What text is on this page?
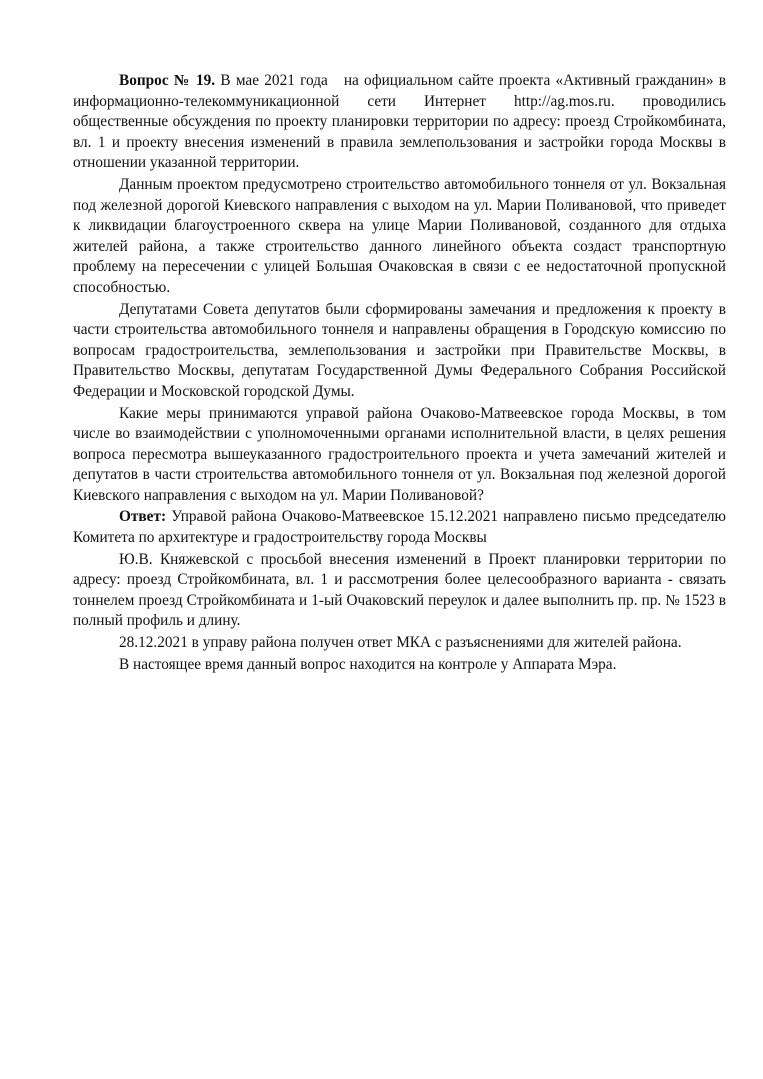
Вопрос № 19. В мае 2021 года на официальном сайте проекта «Активный гражданин» в информационно-телекоммуникационной сети Интернет http://ag.mos.ru. проводились общественные обсуждения по проекту планировки территории по адресу: проезд Стройкомбината, вл. 1 и проекту внесения изменений в правила землепользования и застройки города Москвы в отношении указанной территории.

Данным проектом предусмотрено строительство автомобильного тоннеля от ул. Вокзальная под железной дорогой Киевского направления с выходом на ул. Марии Поливановой, что приведет к ликвидации благоустроенного сквера на улице Марии Поливановой, созданного для отдыха жителей района, а также строительство данного линейного объекта создаст транспортную проблему на пересечении с улицей Большая Очаковская в связи с ее недостаточной пропускной способностью.

Депутатами Совета депутатов были сформированы замечания и предложения к проекту в части строительства автомобильного тоннеля и направлены обращения в Городскую комиссию по вопросам градостроительства, землепользования и застройки при Правительстве Москвы, в Правительство Москвы, депутатам Государственной Думы Федерального Собрания Российской Федерации и Московской городской Думы.

Какие меры принимаются управой района Очаково-Матвеевское города Москвы, в том числе во взаимодействии с уполномоченными органами исполнительной власти, в целях решения вопроса пересмотра вышеуказанного градостроительного проекта и учета замечаний жителей и депутатов в части строительства автомобильного тоннеля от ул. Вокзальная под железной дорогой Киевского направления с выходом на ул. Марии Поливановой?

Ответ: Управой района Очаково-Матвеевское 15.12.2021 направлено письмо председателю Комитета по архитектуре и градостроительству города Москвы

Ю.В. Княжевской с просьбой внесения изменений в Проект планировки территории по адресу: проезд Стройкомбината, вл. 1 и рассмотрения более целесообразного варианта - связать тоннелем проезд Стройкомбината и 1-ый Очаковский переулок и далее выполнить пр. пр. № 1523 в полный профиль и длину.

28.12.2021 в управу района получен ответ МКА с разъяснениями для жителей района.

В настоящее время данный вопрос находится на контроле у Аппарата Мэра.
